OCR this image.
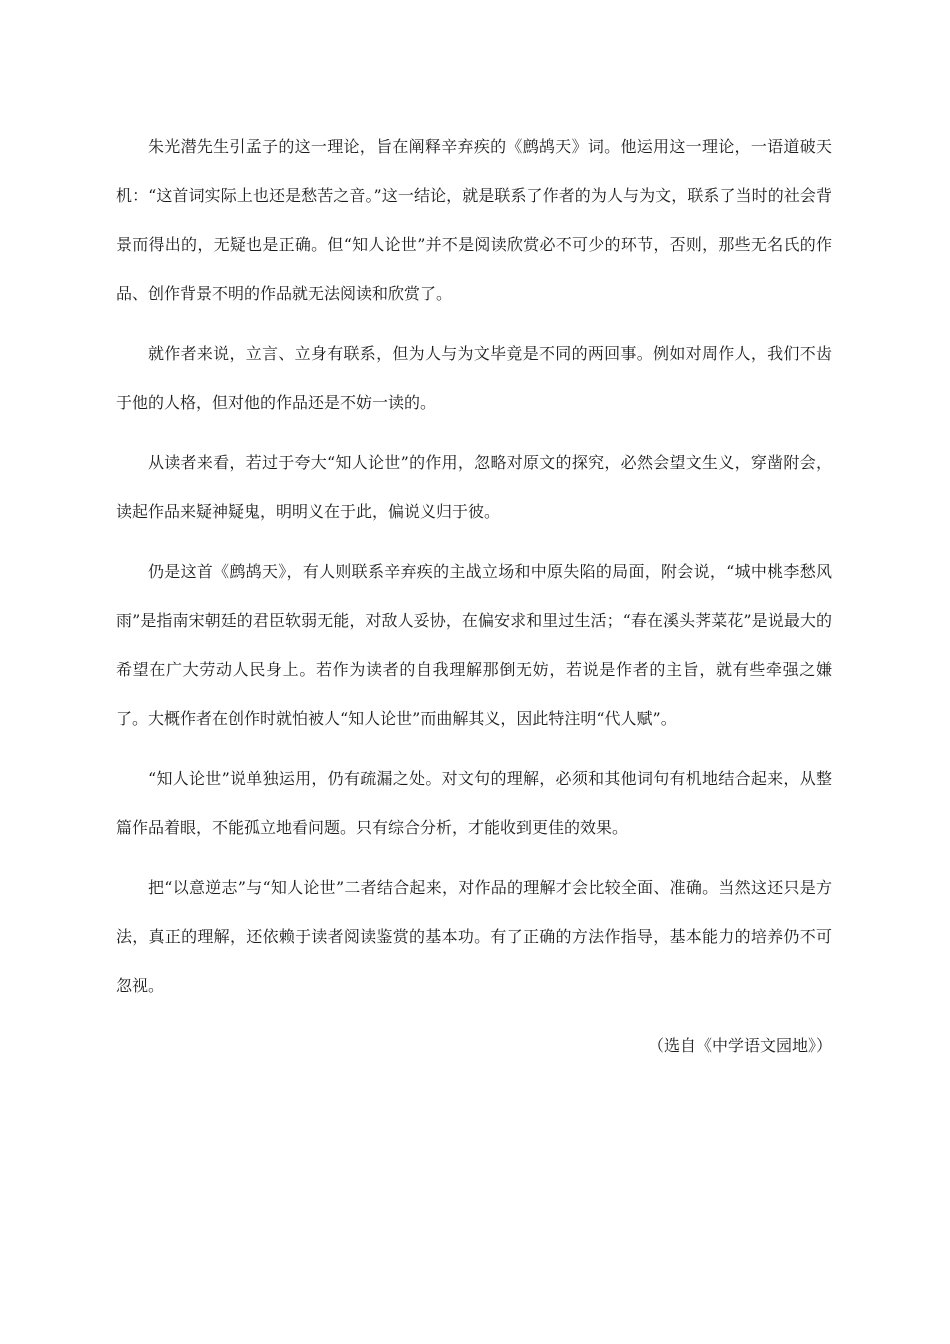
朱光潜先生引孟子的这一理论，旨在阐释辛弃疾的《鹧鸪天》词。他运用这一理论，一语道破天机：“这首词实际上也还是愁苦之音。”这一结论，就是联系了作者的为人与为文，联系了当时的社会背景而得出的，无疑也是正确。但“知人论世”并不是阅读欣赏必不可少的环节，否则，那些无名氏的作品、创作背景不明的作品就无法阅读和欣赏了。

就作者来说，立言、立身有联系，但为人与为文毕竟是不同的两回事。例如对周作人，我们不齿于他的人格，但对他的作品还是不妨一读的。

从读者来看，若过于夸大“知人论世”的作用，忽略对原文的探究，必然会望文生义，穿凿附会，读起作品来疑神疑鬼，明明义在于此，偏说义归于彼。

仍是这首《鹧鸪天》，有人则联系辛弃疾的主战立场和中原失陷的局面，附会说，“城中桃李愁风雨”是指南宋朝廷的君臣软弱无能，对敌人妥协，在偏安求和里过生活；“春在溪头荠菜花”是说最大的希望在广大劳动人民身上。若作为读者的自我理解那倒无妨，若说是作者的主旨，就有些牵强之嫌了。大概作者在创作时就怕被人“知人论世”而曲解其义，因此特注明“代人赋”。

“知人论世”说单独运用，仍有疏漏之处。对文句的理解，必须和其他词句有机地结合起来，从整篇作品着眼，不能孤立地看问题。只有综合分析，才能收到更佳的效果。

把“以意逆志”与“知人论世”二者结合起来，对作品的理解才会比较全面、准确。当然这还只是方法，真正的理解，还依赖于读者阅读鉴赏的基本功。有了正确的方法作指导，基本能力的培养仍不可忽视。

（选自《中学语文园地》）
